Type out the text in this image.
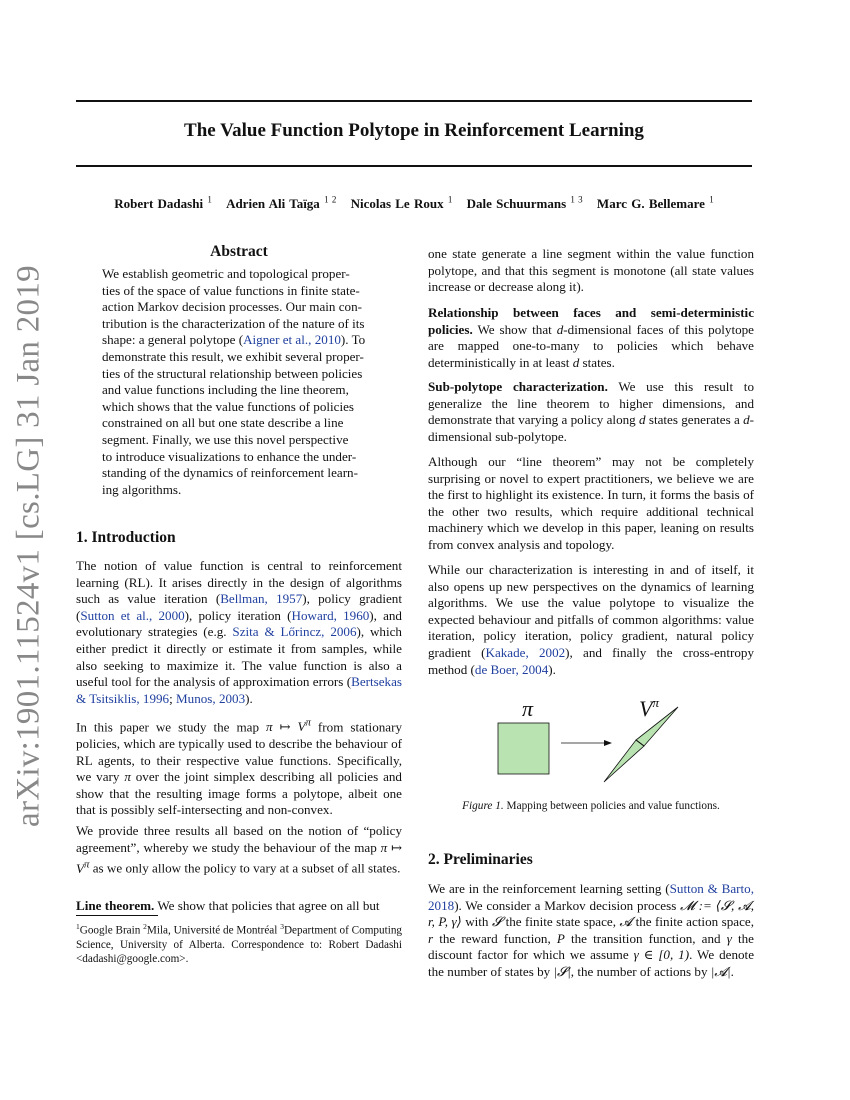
The Value Function Polytope in Reinforcement Learning
Robert Dadashi $^1$ Adrien Ali Taïga $^{1 2}$ Nicolas Le Roux $^1$ Dale Schuurmans $^{1 3}$ Marc G. Bellemare $^1$
arXiv:1901.11524v1 [cs.LG] 31 Jan 2019
Abstract
We establish geometric and topological proper-
ties of the space of value functions in finite state-
action Markov decision processes. Our main con-
tribution is the characterization of the nature of its
shape: a general polytope (Aigner et al., 2010). To
demonstrate this result, we exhibit several proper-
ties of the structural relationship between policies
and value functions including the line theorem,
which shows that the value functions of policies
constrained on all but one state describe a line
segment. Finally, we use this novel perspective
to introduce visualizations to enhance the under-
standing of the dynamics of reinforcement learn-
ing algorithms.
1. Introduction
The notion of value function is central to reinforcement learning (RL). It arises directly in the design of algorithms such as value iteration (Bellman, 1957), policy gradient (Sutton et al., 2000), policy iteration (Howard, 1960), and evolutionary strategies (e.g. Szita & Lőrincz, 2006), which either predict it directly or estimate it from samples, while also seeking to maximize it. The value function is also a useful tool for the analysis of approximation errors (Bertsekas & Tsitsiklis, 1996; Munos, 2003).
In this paper we study the map π ↦ $V^\pi$ from stationary policies, which are typically used to describe the behaviour of RL agents, to their respective value functions. Specifically, we vary π over the joint simplex describing all policies and show that the resulting image forms a polytope, albeit one that is possibly self-intersecting and non-convex.
We provide three results all based on the notion of “policy agreement”, whereby we study the behaviour of the map π ↦ $V^\pi$ as we only allow the policy to vary at a subset of all states.
Line theorem. We show that policies that agree on all but
$^1$Google Brain $^2$Mila, Université de Montréal $^3$Department of Computing Science, University of Alberta. Correspondence to: Robert Dadashi <dadashi@google.com>.
one state generate a line segment within the value function polytope, and that this segment is monotone (all state values increase or decrease along it).
Relationship between faces and semi-deterministic policies. We show that d-dimensional faces of this polytope are mapped one-to-many to policies which behave deterministically in at least d states.
Sub-polytope characterization. We use this result to generalize the line theorem to higher dimensions, and demonstrate that varying a policy along d states generates a d-dimensional sub-polytope.
Although our “line theorem” may not be completely surprising or novel to expert practitioners, we believe we are the first to highlight its existence. In turn, it forms the basis of the other two results, which require additional technical machinery which we develop in this paper, leaning on results from convex analysis and topology.
While our characterization is interesting in and of itself, it also opens up new perspectives on the dynamics of learning algorithms. We use the value polytope to visualize the expected behaviour and pitfalls of common algorithms: value iteration, policy iteration, policy gradient, natural policy gradient (Kakade, 2002), and finally the cross-entropy method (de Boer, 2004).
π	$V^\pi$
Figure 1. Mapping between policies and value functions.
2. Preliminaries
We are in the reinforcement learning setting (Sutton & Barto, 2018). We consider a Markov decision process 𝓜 := ⟨𝓢, 𝓐, r, P, γ⟩ with 𝓢 the finite state space, 𝓐 the finite action space, r the reward function, P the transition function, and γ the discount factor for which we assume γ ∈ [0, 1). We denote the number of states by |𝓢|, the number of actions by |𝓐|.
